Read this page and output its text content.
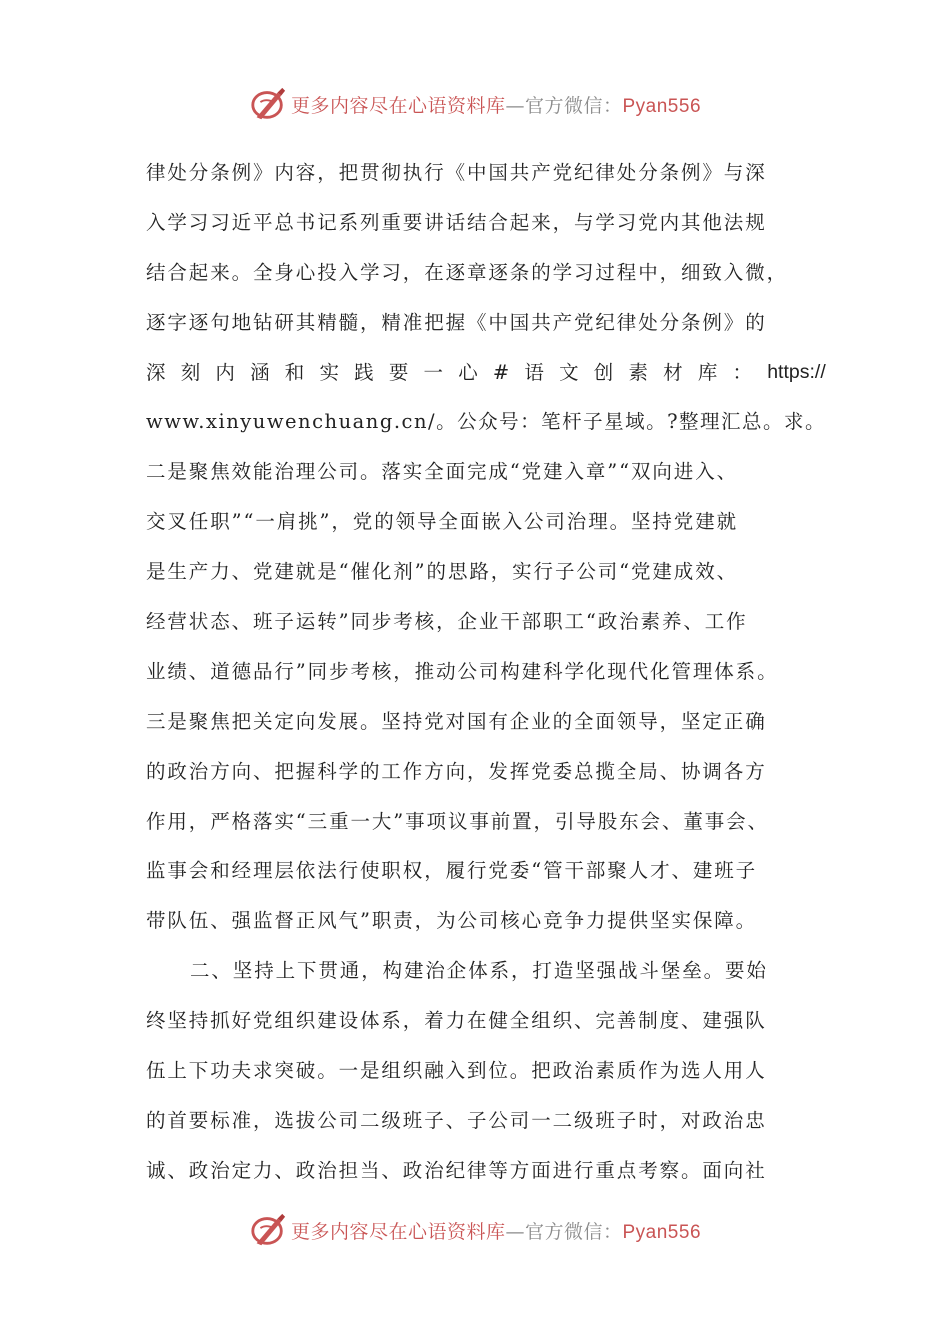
更多内容尽在心语资料库—官方微信：Pyan556
律处分条例》内容，把贯彻执行《中国共产党纪律处分条例》与深
入学习习近平总书记系列重要讲话结合起来，与学习党内其他法规
结合起来。全身心投入学习，在逐章逐条的学习过程中，细致入微，
逐字逐句地钻研其精髓，精准把握《中国共产党纪律处分条例》的
深 刻 内 涵 和 实 践 要 一 心 # 语 文 创 素 材 库 ： https://
www.xinyuwenchuang.cn/。公众号：笔杆子星域。?整理汇总。求。
二是聚焦效能治理公司。落实全面完成“党建入章”“双向进入、
交叉任职”“一肩挑”，党的领导全面嵌入公司治理。坚持党建就
是生产力、党建就是“催化剂”的思路，实行子公司“党建成效、
经营状态、班子运转”同步考核，企业干部职工“政治素养、工作
业绩、道德品行”同步考核，推动公司构建科学化现代化管理体系。
三是聚焦把关定向发展。坚持党对国有企业的全面领导，坚定正确
的政治方向、把握科学的工作方向，发挥党委总揽全局、协调各方
作用，严格落实“三重一大”事项议事前置，引导股东会、董事会、
监事会和经理层依法行使职权，履行党委“管干部聚人才、建班子
带队伍、强监督正风气”职责，为公司核心竞争力提供坚实保障。
二、坚持上下贯通，构建治企体系，打造坚强战斗堡垒。要始
终坚持抓好党组织建设体系，着力在健全组织、完善制度、建强队
伍上下功夫求突破。一是组织融入到位。把政治素质作为选人用人
的首要标准，选拔公司二级班子、子公司一二级班子时，对政治忠
诚、政治定力、政治担当、政治纪律等方面进行重点考察。面向社
更多内容尽在心语资料库—官方微信：Pyan556
